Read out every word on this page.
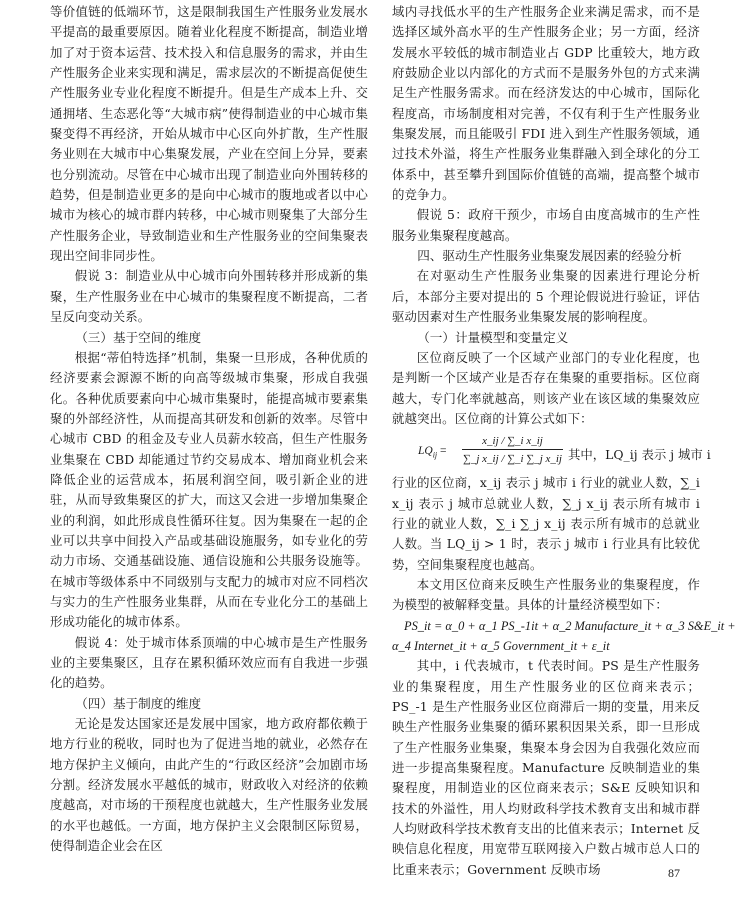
等价值链的低端环节，这是限制我国生产性服务业发展水平提高的最重要原因。随着业化程度不断提高，制造业增加了对于资本运营、技术投入和信息服务的需求，并由生产性服务企业来实现和满足，需求层次的不断提高促使生产性服务业专业化程度不断提升。但是生产成本上升、交通拥堵、生态恶化等“大城市病”使得制造业的中心城市集聚变得不再经济，开始从城市中心区向外扩散，生产性服务业则在大城市中心集聚发展，产业在空间上分异，要素也分别流动。尽管在中心城市出现了制造业向外围转移的趋势，但是制造业更多的是向中心城市的腹地或者以中心城市为核心的城市群内转移，中心城市则聚集了大部分生产性服务企业，导致制造业和生产性服务业的空间集聚表现出空间非同步性。

假说 3：制造业从中心城市向外围转移并形成新的集聚，生产性服务业在中心城市的集聚程度不断提高，二者呈反向变动关系。

（三）基于空间的维度

根据“蒂伯特选择”机制，集聚一旦形成，各种优质的经济要素会源源不断的向高等级城市集聚，形成自我强化。各种优质要素向中心城市集聚时，能提高城市要素集聚的外部经济性，从而提高其研发和创新的效率。尽管中心城市 CBD 的租金及专业人员薪水较高，但生产性服务业集聚在 CBD 却能通过节约交易成本、增加商业机会来降低企业的运营成本，拓展利润空间，吸引新企业的进驻，从而导致集聚区的扩大，而这又会进一步增加集聚企业的利润，如此形成良性循环往复。因为集聚在一起的企业可以共享中间投入产品或基础设施服务，如专业化的劳动力市场、交通基础设施、通信设施和公共服务设施等。在城市等级体系中不同级别与支配力的城市对应不同档次与实力的生产性服务业集群，从而在专业化分工的基础上形成功能化的城市体系。

假说 4：处于城市体系顶端的中心城市是生产性服务业的主要集聚区，且存在累积循环效应而有自我进一步强化的趋势。

（四）基于制度的维度

无论是发达国家还是发展中国家，地方政府都依赖于地方行业的税收，同时也为了促进当地的就业，必然存在地方保护主义倾向，由此产生的“行政区经济”会加剧市场分割。经济发展水平越低的城市，财政收入对经济的依赖度越高，对市场的干预程度也就越大，生产性服务业发展的水平也越低。一方面，地方保护主义会限制区际贸易，使得制造企业会在区

域内寻找低水平的生产性服务企业来满足需求，而不是选择区域外高水平的生产性服务企业；另一方面，经济发展水平较低的城市制造业占 GDP 比重较大，地方政府鼓励企业以内部化的方式而不是服务外包的方式来满足生产性服务需求。而在经济发达的中心城市，国际化程度高，市场制度相对完善，不仅有利于生产性服务业集聚发展，而且能吸引 FDI 进入到生产性服务领域，通过技术外溢，将生产性服务业集群融入到全球化的分工体系中，甚至攀升到国际价值链的高端，提高整个城市的竞争力。

假说 5：政府干预少，市场自由度高城市的生产性服务业集聚程度越高。

四、驱动生产性服务业集聚发展因素的经验分析

在对驱动生产性服务业集聚的因素进行理论分析后，本部分主要对提出的 5 个理论假说进行验证，评估驱动因素对生产性服务业集聚发展的影响程度。

（一）计量模型和变量定义

区位商反映了一个区域产业部门的专业化程度，也是判断一个区域产业是否存在集聚的重要指标。区位商越大，专门化率就越高，则该产业在该区域的集聚效应就越突出。区位商的计算公式如下：

$LQ_{ij}$ =
x_ij / ∑_i x_ij
∑_j x_ij / ∑_i ∑_j x_ij 其中，LQ_ij 表示 j 城市 i

行业的区位商，x_ij 表示 j 城市 i 行业的就业人数，∑_i x_ij 表示 j 城市总就业人数，∑_j x_ij 表示所有城市 i 行业的就业人数，∑_i ∑_j x_ij 表示所有城市的总就业人数。当 LQ_ij > 1 时，表示 j 城市 i 行业具有比较优势，空间集聚程度也越高。

本文用区位商来反映生产性服务业的集聚程度，作为模型的被解释变量。具体的计量经济模型如下：

PS_it = α_0 + α_1 PS_-1it + α_2 Manufacture_it + α_3 S&E_it +

α_4 Internet_it + α_5 Government_it + ε_it

其中，i 代表城市，t 代表时间。PS 是生产性服务业的集聚程度，用生产性服务业的区位商来表示；PS_-1 是生产性服务业区位商滞后一期的变量，用来反映生产性服务业集聚的循环累积因果关系，即一旦形成了生产性服务业集聚，集聚本身会因为自我强化效应而进一步提高集聚程度。Manufacture 反映制造业的集聚程度，用制造业的区位商来表示；S&E 反映知识和技术的外溢性，用人均财政科学技术教育支出和城市群人均财政科学技术教育支出的比值来表示；Internet 反映信息化程度，用宽带互联网接入户数占城市总人口的比重来表示；Government 反映市场	87
